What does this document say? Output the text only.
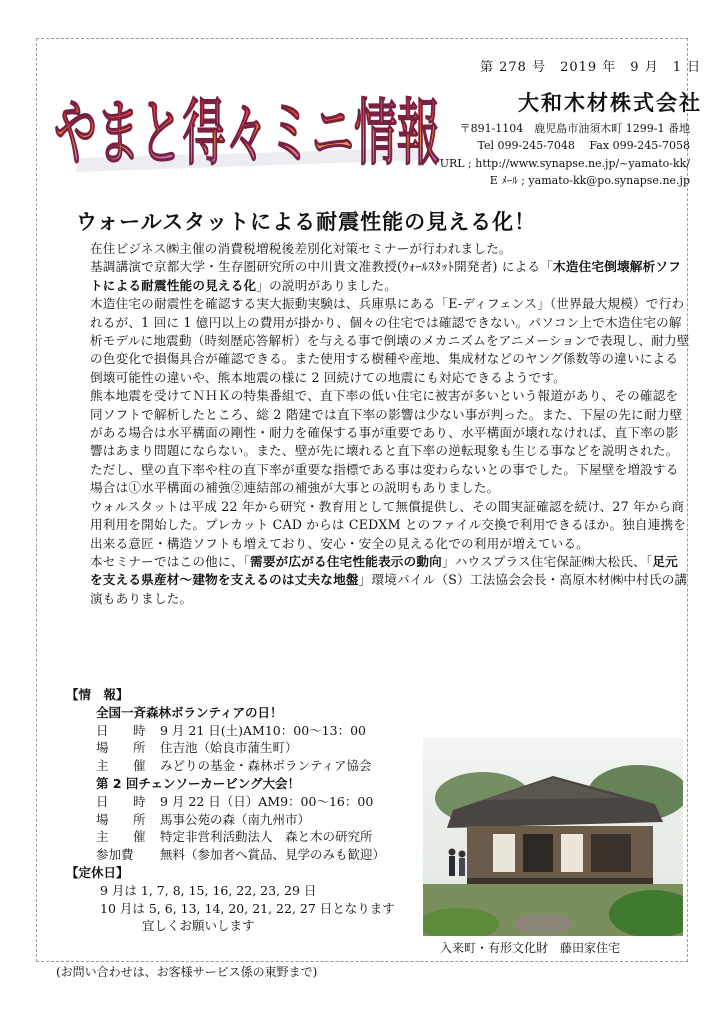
やまと得々ミニ情報
第 278 号　2019 年　9 月　1 日
大和木材株式会社
〒891-1104　鹿児島市油須木町 1299-1 番地
Tel 099-245-7048　 Fax 099-245-7058
URL ; http://www.synapse.ne.jp/~yamato-kk/
E ﾒｰﾙ ; yamato-kk@po.synapse.ne.jp
ウォールスタットによる耐震性能の見える化！

在住ビジネス㈱主催の消費税増税後差別化対策セミナーが行われました。

基調講演で京都大学・生存圏研究所の中川貴文准教授(ｳｫｰﾙｽﾀｯﾄ開発者) による「木造住宅倒壊解析ソフトによる耐震性能の見える化」の説明がありました。

木造住宅の耐震性を確認する実大振動実験は、兵庫県にある「E-ディフェンス」（世界最大規模）で行われるが、1 回に 1 億円以上の費用が掛かり、個々の住宅では確認できない。パソコン上で木造住宅の解析モデルに地震動（時刻歴応答解析）を与える事で倒壊のメカニズムをアニメーションで表現し、耐力壁の色変化で損傷具合が確認できる。また使用する樹種や産地、集成材などのヤング係数等の違いによる倒壊可能性の違いや、熊本地震の様に 2 回続けての地震にも対応できるようです。

熊本地震を受けてＮＨＫの特集番組で、直下率の低い住宅に被害が多いという報道があり、その確認を同ソフトで解析したところ、総 2 階建では直下率の影響は少ない事が判った。また、下屋の先に耐力壁がある場合は水平構面の剛性・耐力を確保する事が重要であり、水平構面が壊れなければ、直下率の影響はあまり問題にならない。また、壁が先に壊れると直下率の逆転現象も生じる事などを説明された。ただし、壁の直下率や柱の直下率が重要な指標である事は変わらないとの事でした。下屋壁を増設する場合は①水平構面の補強②連結部の補強が大事との説明もありました。

ウォルスタットは平成 22 年から研究・教育用として無償提供し、その間実証確認を続け、27 年から商用利用を開始した。プレカット CAD からは CEDXM とのファイル交換で利用できるほか。独自連携を出来る意匠・構造ソフトも増えており、安心・安全の見える化での利用が増えている。

本セミナーではこの他に、「需要が広がる住宅性能表示の動向」ハウスプラス住宅保証㈱大松氏、「足元を支える県産材～建物を支えるのは丈夫な地盤」環境パイル（S）工法協会会長・高原木材㈱中村氏の講演もありました。

【情　報】
全国一斉森林ボランティアの日！
日　時 9 月 21 日(土)AM10：00～13：00
場　所 住吉池（姶良市蒲生町）
主　催 みどりの基金・森林ボランティア協会
第 2 回チェンソーカービング大会！
日　時 9 月 22 日（日）AM9：00～16：00
場　所 馬事公苑の森（南九州市）
主　催 特定非営利活動法人　森と木の研究所
参加費	無料（参加者へ賞品、見学のみも歓迎）
【定休日】
9 月は 1, 7, 8, 15, 16, 22, 23, 29 日
10 月は 5, 6, 13, 14, 20, 21, 22, 27 日となります
宜しくお願いします
入来町・有形文化財　藤田家住宅
(お問い合わせは、お客様サービス係の東野まで)
